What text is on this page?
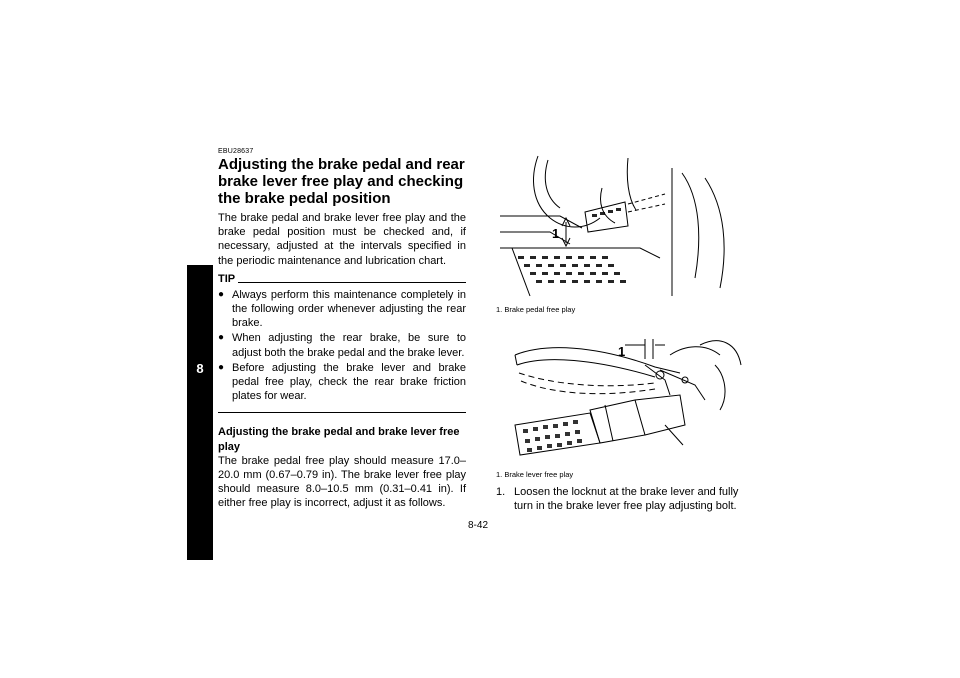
8
EBU28637
Adjusting the brake pedal and rear brake lever free play and checking the brake pedal position

The brake pedal and brake lever free play and the brake pedal position must be checked and, if necessary, adjusted at the intervals specified in the periodic maintenance and lubrication chart.

TIP
● Always perform this maintenance completely in the following order whenever adjusting the rear brake.
● When adjusting the rear brake, be sure to adjust both the brake pedal and the brake lever.
● Before adjusting the brake lever and brake pedal free play, check the rear brake friction plates for wear.
Adjusting the brake pedal and brake lever free play

The brake pedal free play should measure 17.0–20.0 mm (0.67–0.79 in). The brake lever free play should measure 8.0–10.5 mm (0.31–0.41 in). If either free play is incorrect, adjust it as follows.

1
1. Brake pedal free play
1
1. Brake lever free play
1. Loosen the locknut at the brake lever and fully turn in the brake lever free play adjusting bolt.
8-42
